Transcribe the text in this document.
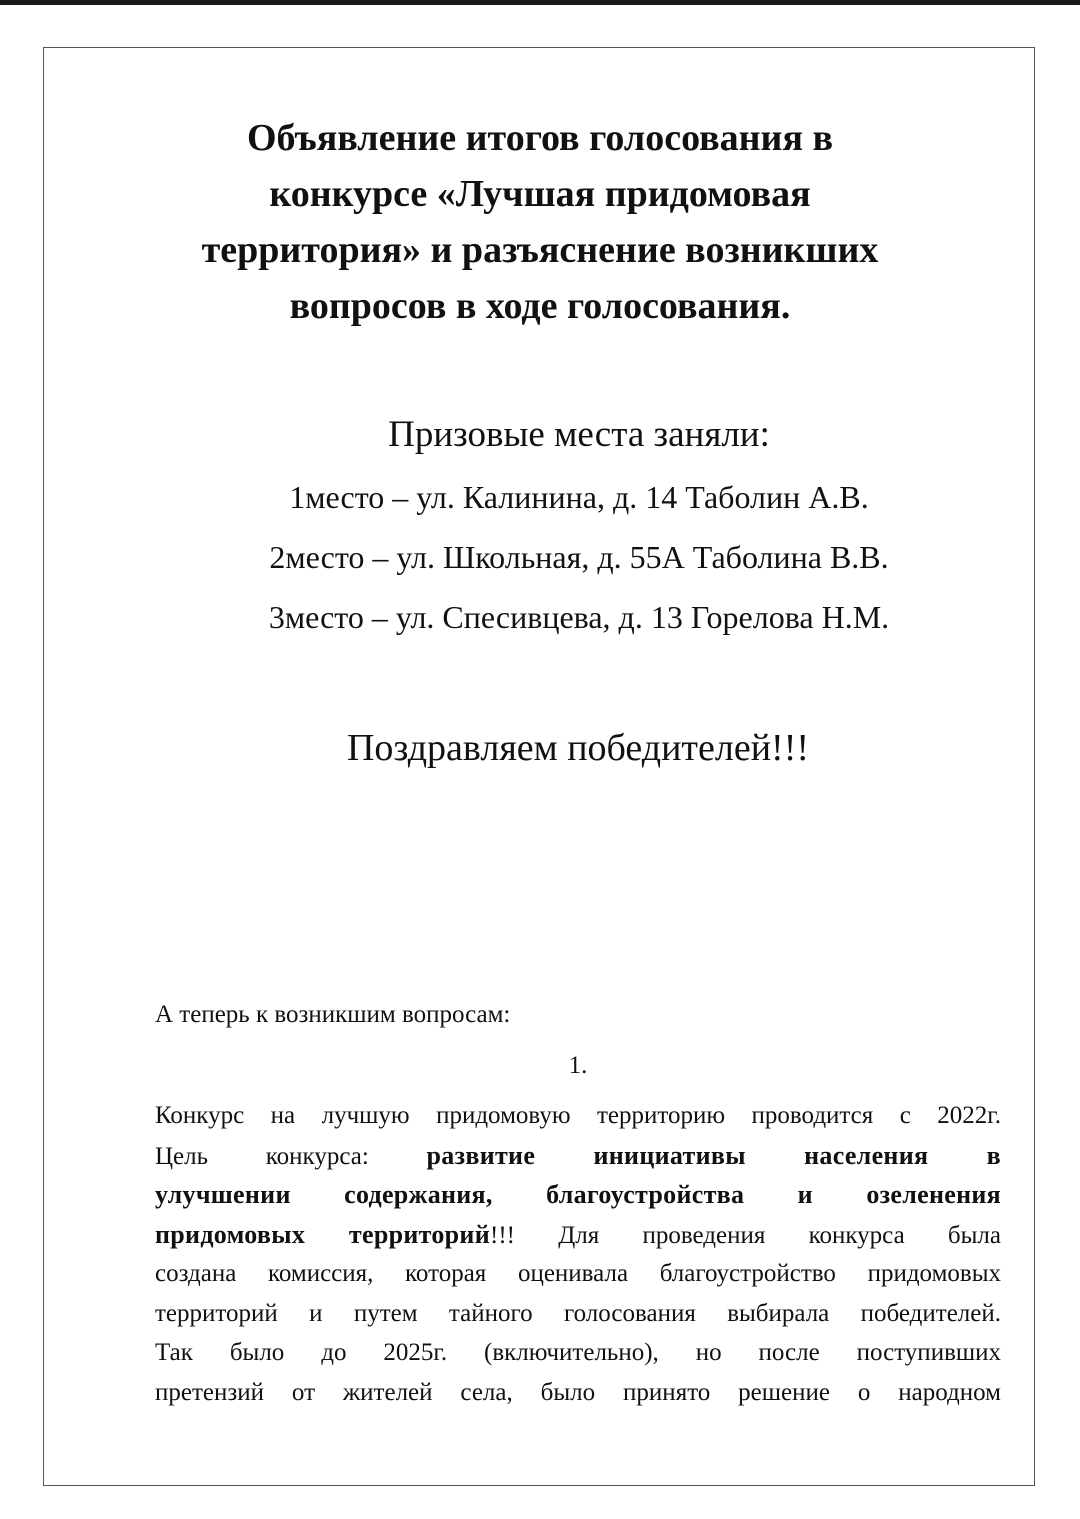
Объявление итогов голосования в
конкурсе «Лучшая придомовая
территория» и разъяснение возникших
вопросов в ходе голосования.
Призовые места заняли:
1место – ул. Калинина, д. 14 Таболин А.В.
2место – ул. Школьная, д. 55А Таболина В.В.
3место – ул. Спесивцева, д. 13 Горелова Н.М.

Поздравляем победителей!!!

А теперь к возникшим вопросам:

1.

Конкурс на лучшую придомовую территорию проводится с 2022г.
Цель конкурса: развитие инициативы населения в
улучшении содержания, благоустройства и озеленения
придомовых территорий!!! Для проведения конкурса была
создана комиссия, которая оценивала благоустройство придомовых
территорий и путем тайного голосования выбирала победителей.
Так было до 2025г. (включительно), но после поступивших
претензий от жителей села, было принято решение о народном
